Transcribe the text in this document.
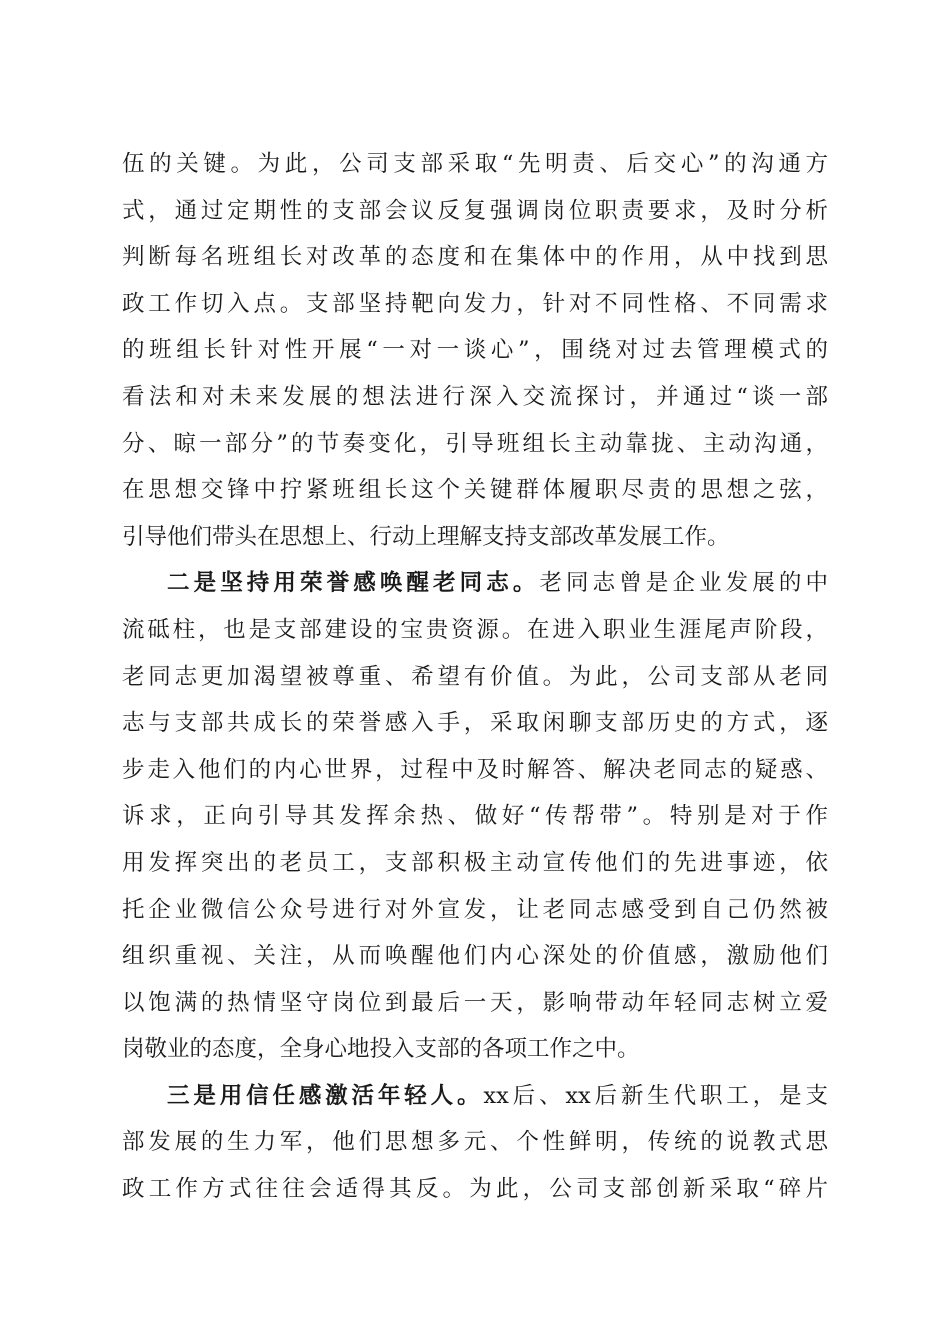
伍的关键。为此，公司支部采取“先明责、后交心”的沟通方
式，通过定期性的支部会议反复强调岗位职责要求，及时分析
判断每名班组长对改革的态度和在集体中的作用，从中找到思
政工作切入点。支部坚持靶向发力，针对不同性格、不同需求
的班组长针对性开展“一对一谈心”，围绕对过去管理模式的
看法和对未来发展的想法进行深入交流探讨，并通过“谈一部
分、晾一部分”的节奏变化，引导班组长主动靠拢、主动沟通，
在思想交锋中拧紧班组长这个关键群体履职尽责的思想之弦，
引导他们带头在思想上、行动上理解支持支部改革发展工作。
二是坚持用荣誉感唤醒老同志。老同志曾是企业发展的中
流砥柱，也是支部建设的宝贵资源。在进入职业生涯尾声阶段，
老同志更加渴望被尊重、希望有价值。为此，公司支部从老同
志与支部共成长的荣誉感入手，采取闲聊支部历史的方式，逐
步走入他们的内心世界，过程中及时解答、解决老同志的疑惑、
诉求，正向引导其发挥余热、做好“传帮带”。特别是对于作
用发挥突出的老员工，支部积极主动宣传他们的先进事迹，依
托企业微信公众号进行对外宣发，让老同志感受到自己仍然被
组织重视、关注，从而唤醒他们内心深处的价值感，激励他们
以饱满的热情坚守岗位到最后一天，影响带动年轻同志树立爱
岗敬业的态度，全身心地投入支部的各项工作之中。
三是用信任感激活年轻人。xx后、xx后新生代职工，是支
部发展的生力军，他们思想多元、个性鲜明，传统的说教式思
政工作方式往往会适得其反。为此，公司支部创新采取“碎片
